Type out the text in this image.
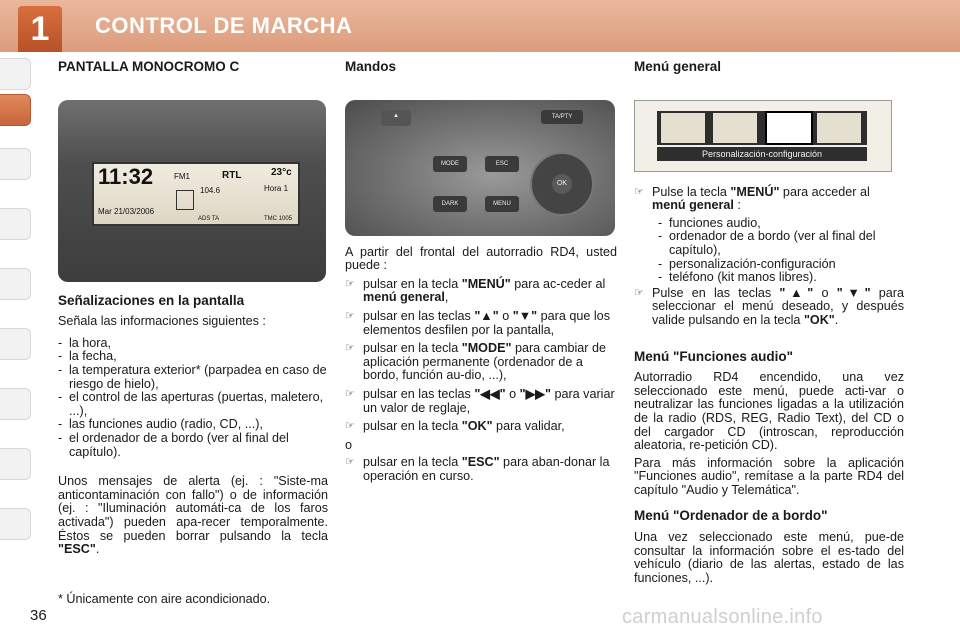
1	CONTROL DE MARCHA
PANTALLA MONOCROMO C
11:32
Mar 21/03/2006
FM1	RTL	23°c
Hora 1
104.6
ADS TA	TMC 1005
Señalizaciones en la pantalla

Señala las informaciones siguientes :

- la hora,
- la fecha,
- la temperatura exterior* (parpadea en caso de riesgo de hielo),
- el control de las aperturas (puertas, maletero, ...),
- las funciones audio (radio, CD, ...),
- el ordenador de a bordo (ver al final del capítulo).

Unos mensajes de alerta (ej. : "Siste-ma anticontaminación con fallo") o de información (ej. : "Iluminación automáti-ca de los faros activada") pueden apa-recer temporalmente. Éstos se pueden borrar pulsando la tecla "ESC".

* Únicamente con aire acondicionado.

Mandos
▲	TA/PTY
MODE
DARK
ESC
MENU
OK

A partir del frontal del autorradio RD4, usted puede :

☞ pulsar en la tecla "MENÚ" para ac-ceder al menú general,
☞ pulsar en las teclas "▲" o "▼" para que los elementos desfilen por la pantalla,
☞ pulsar en la tecla "MODE" para cambiar de aplicación permanente (ordenador de a bordo, función au-dio, ...),
☞ pulsar en las teclas "◀◀" o "▶▶" para variar un valor de reglaje,
☞ pulsar en la tecla "OK" para validar,

o

☞ pulsar en la tecla "ESC" para aban-donar la operación en curso.
Menú general
Personalización-configuración
☞ Pulse la tecla "MENÚ" para acceder al menú general :
- funciones audio,
- ordenador de a bordo (ver al final del capítulo),
- personalización-configuración
- teléfono (kit manos libres).
☞ Pulse en las teclas "▲" o "▼" para seleccionar el menú deseado, y después valide pulsando en la tecla "OK".
Menú "Funciones audio"

Autorradio RD4 encendido, una vez seleccionado este menú, puede acti-var o neutralizar las funciones ligadas a la utilización de la radio (RDS, REG, Radio Text), del CD o del cargador CD (introscan, reproducción aleatoria, re-petición CD).

Para más información sobre la aplicación "Funciones audio", remítase a la parte RD4 del capítulo "Audio y Telemática".

Menú "Ordenador de a bordo"

Una vez seleccionado este menú, pue-de consultar la información sobre el es-tado del vehículo (diario de las alertas, estado de las funciones, ...).

36	carmanualsonline.info
